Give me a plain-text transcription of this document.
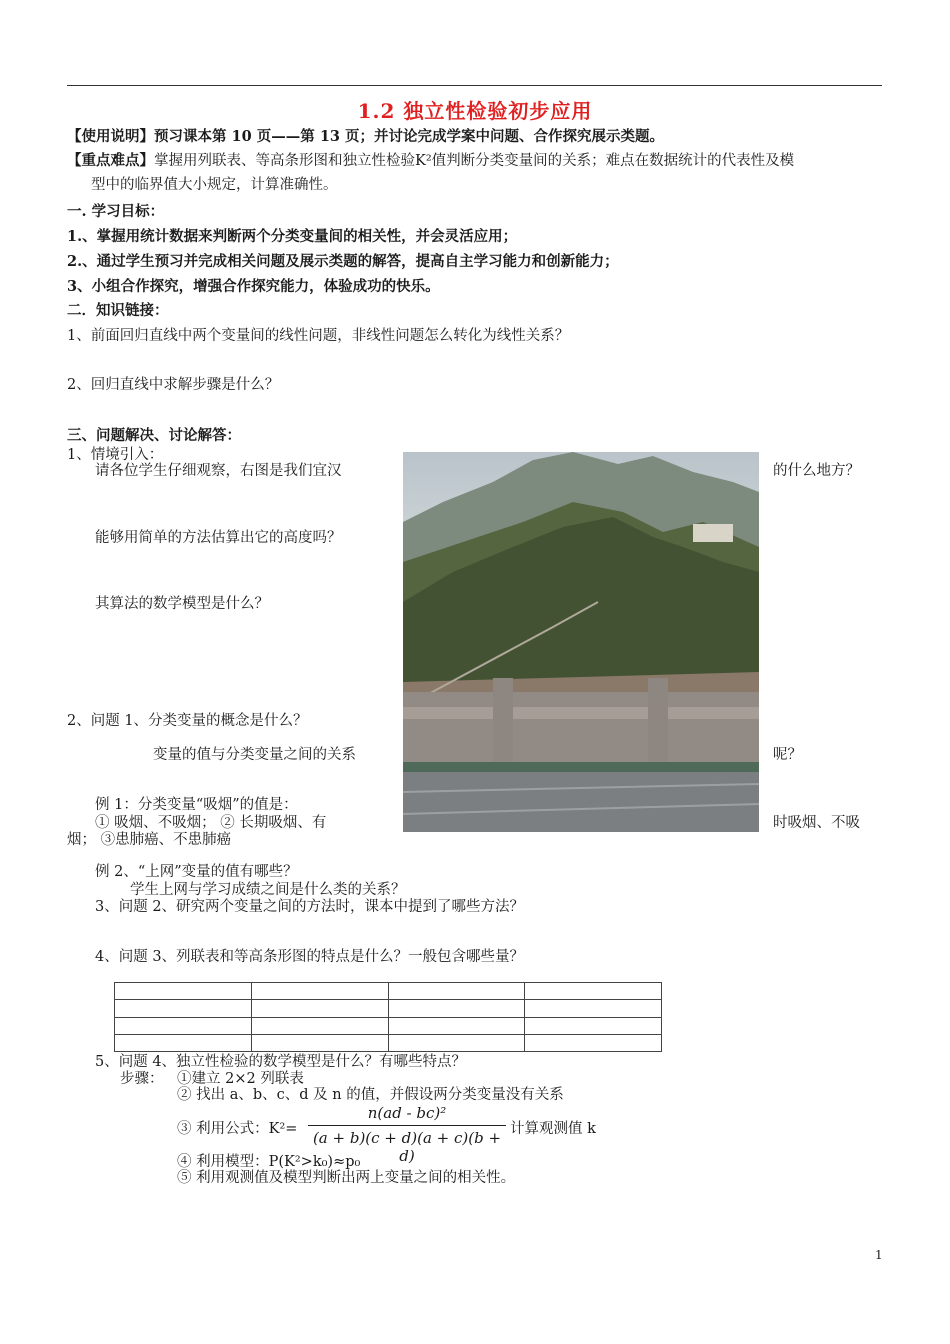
1.2 独立性检验初步应用
【使用说明】预习课本第 10 页——第 13 页；并讨论完成学案中问题、合作探究展示类题。
【重点难点】掌握用列联表、等高条形图和独立性检验K²值判断分类变量间的关系；难点在数据统计的代表性及模
型中的临界值大小规定，计算准确性。
一. 学习目标：
1.、掌握用统计数据来判断两个分类变量间的相关性，并会灵活应用；
2.、通过学生预习并完成相关问题及展示类题的解答，提高自主学习能力和创新能力；
3、小组合作探究，增强合作探究能力，体验成功的快乐。
二．知识链接：
1、前面回归直线中两个变量间的线性问题，非线性问题怎么转化为线性关系？
2、回归直线中求解步骤是什么？
三、问题解决、讨论解答：
1、情境引入：
请各位学生仔细观察，右图是我们宜汉	的什么地方？
能够用简单的方法估算出它的高度吗？
其算法的数学模型是什么？
2、问题 1、分类变量的概念是什么？
变量的值与分类变量之间的关系	呢？
例 1：分类变量“吸烟”的值是：
① 吸烟、不吸烟； ② 长期吸烟、有	时吸烟、不吸
烟； ③患肺癌、不患肺癌
例 2、“上网”变量的值有哪些？
学生上网与学习成绩之间是什么类的关系？
3、问题 2、研究两个变量之间的方法时，课本中提到了哪些方法？
4、问题 3、列联表和等高条形图的特点是什么？一般包含哪些量？

5、问题 4、独立性检验的数学模型是什么？有哪些特点？
步骤： ①建立 2×2 列联表
② 找出 a、b、c、d 及 n 的值，并假设两分类变量没有关系
③ 利用公式：$K^2= \frac{\text{n(ad - bc)²}}{(a + b)(c + d)(a + c)(b + d)}$ 计算观测值 k
④ 利用模型：P(K²>k₀)≈p₀
⑤ 利用观测值及模型判断出两上变量之间的相关性。
1
